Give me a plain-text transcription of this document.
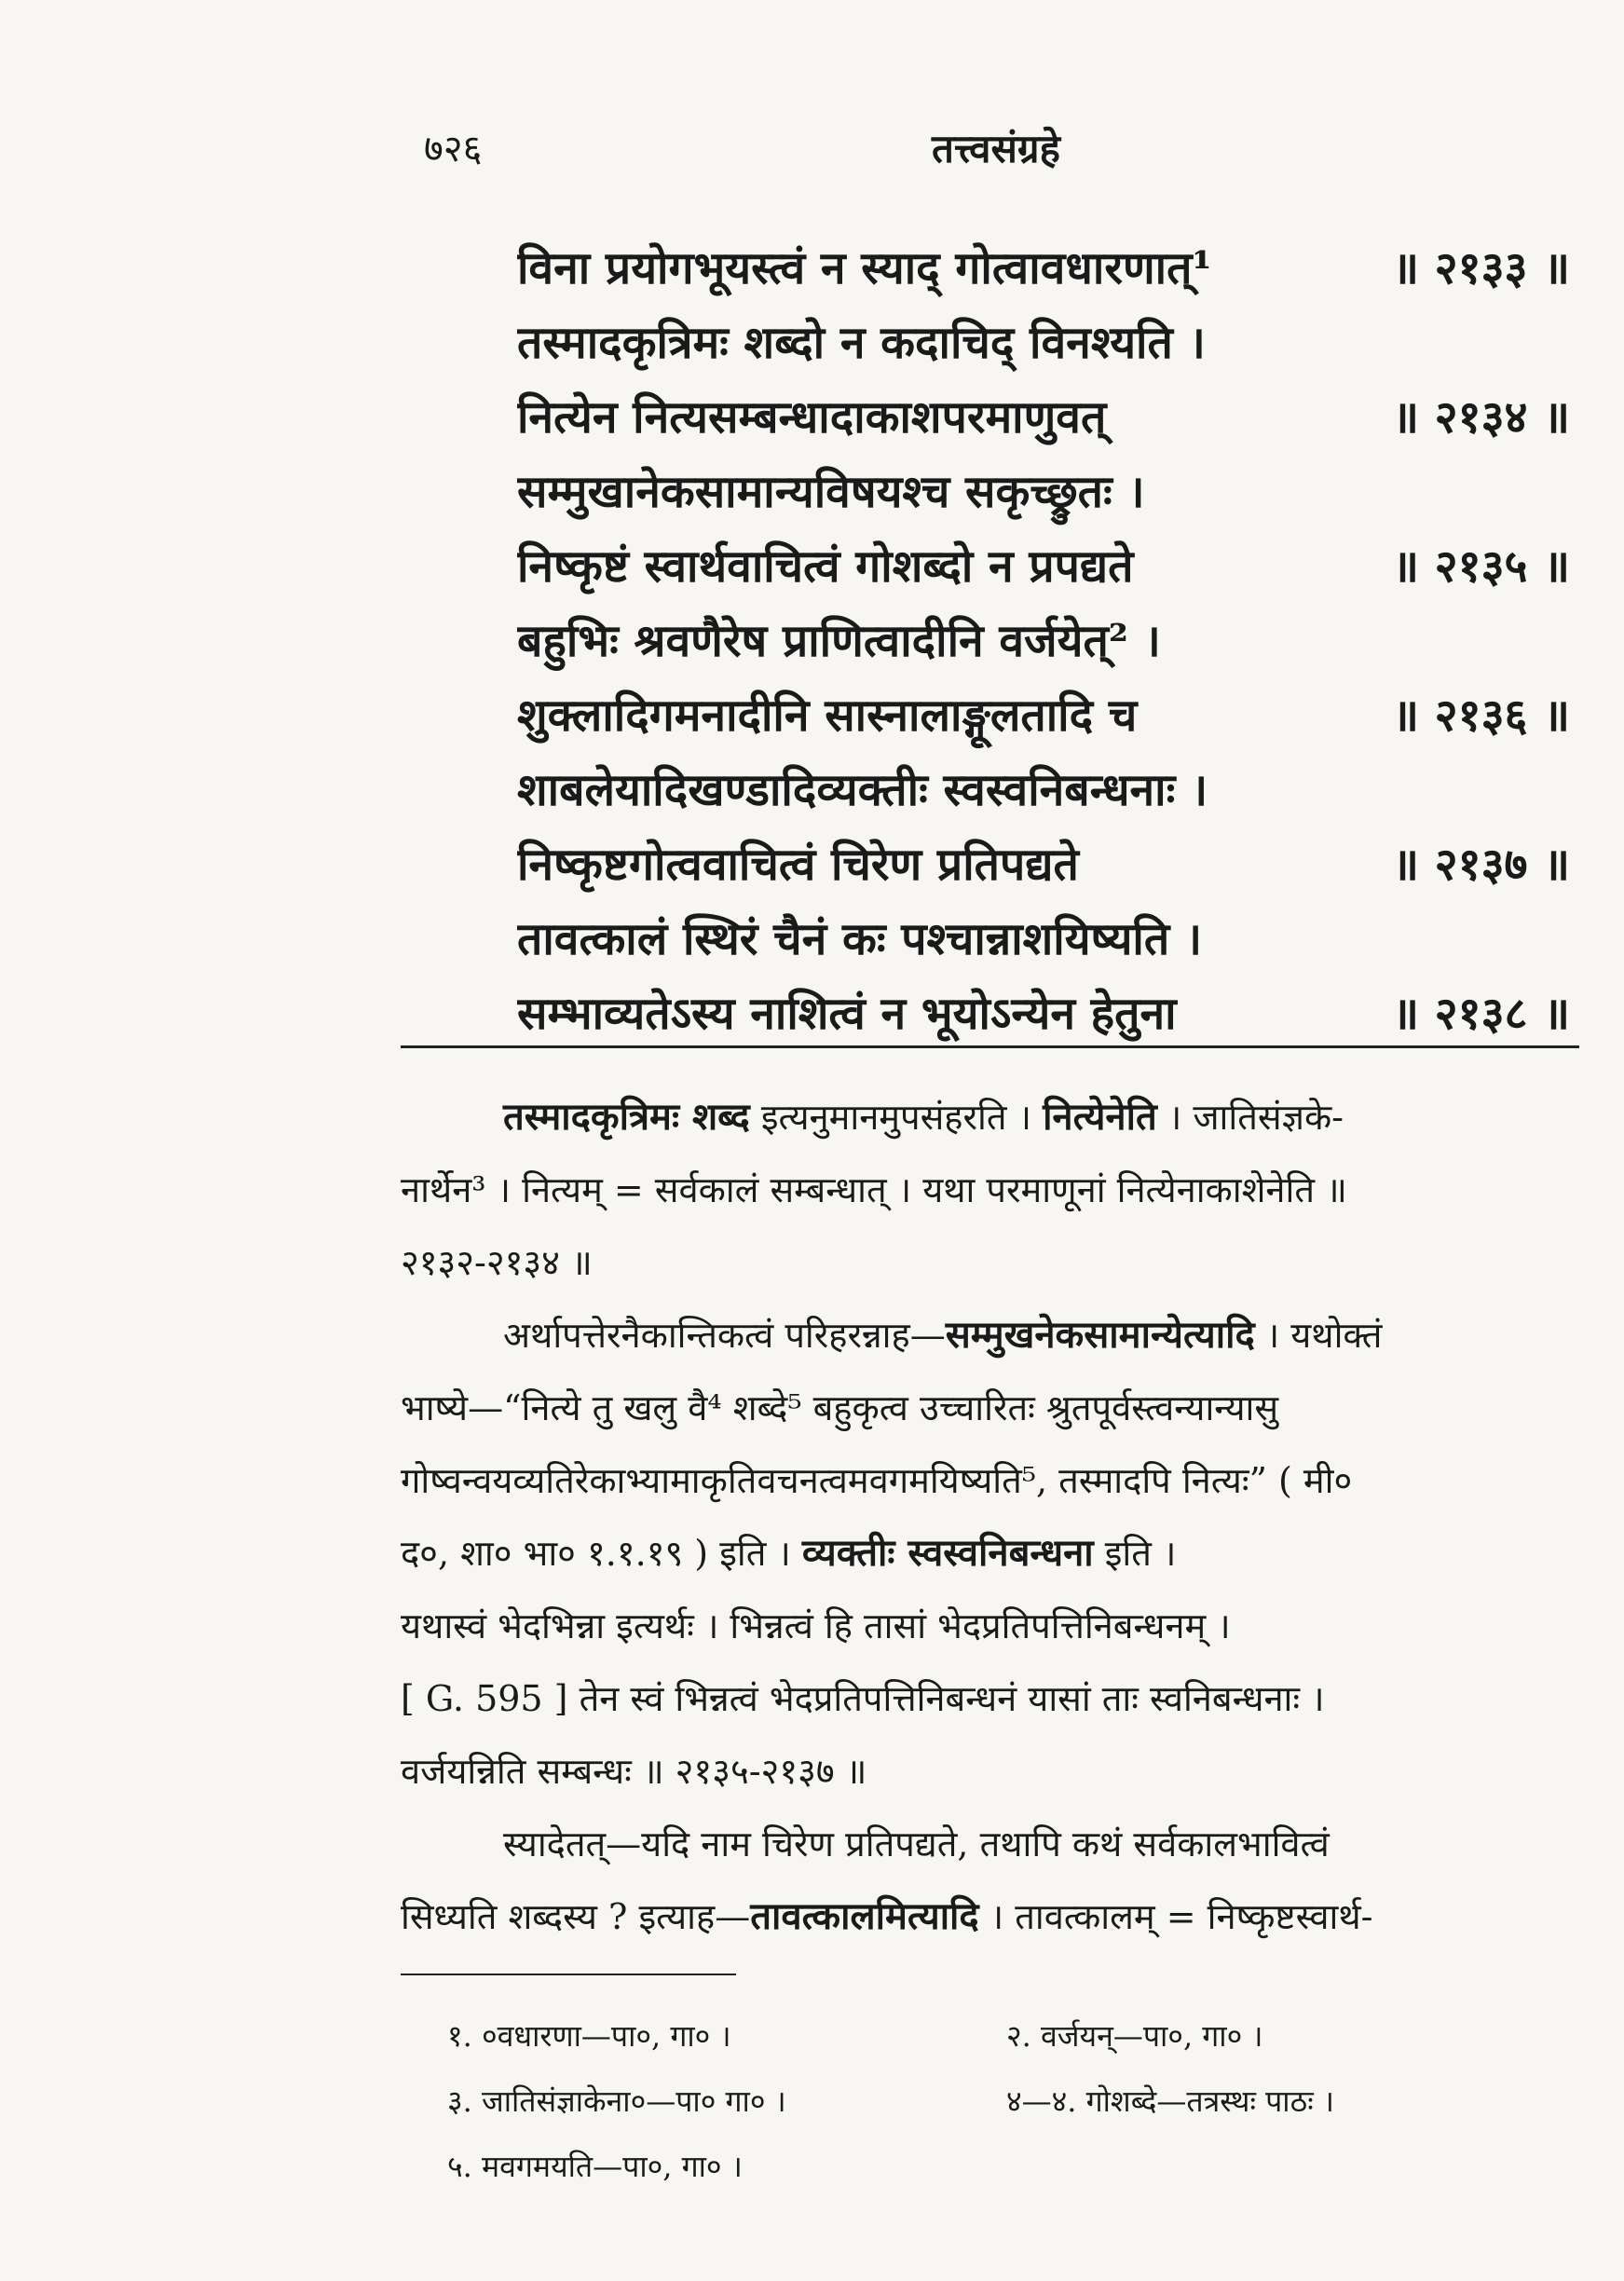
७२६	तत्त्वसंग्रहे
विना प्रयोगभूयस्त्वं न स्याद् गोत्वावधारणात्¹	॥ २१३३ ॥
तस्मादकृत्रिमः शब्दो न कदाचिद् विनश्यति ।
नित्येन नित्यसम्बन्धादाकाशपरमाणुवत्	॥ २१३४ ॥
सम्मुखानेकसामान्यविषयश्च सकृच्छ्रुतः ।
निष्कृष्टं स्वार्थवाचित्वं गोशब्दो न प्रपद्यते	॥ २१३५ ॥
बहुभिः श्रवणैरेष प्राणित्वादीनि वर्जयेत्² ।
शुक्लादिगमनादीनि सास्नालाङ्गूलतादि च	॥ २१३६ ॥
शाबलेयादिखण्डादिव्यक्तीः स्वस्वनिबन्धनाः ।
निष्कृष्टगोत्ववाचित्वं चिरेण प्रतिपद्यते	॥ २१३७ ॥
तावत्कालं स्थिरं चैनं कः पश्चान्नाशयिष्यति ।
सम्भाव्यतेऽस्य नाशित्वं न भूयोऽन्येन हेतुना	॥ २१३८ ॥
तस्मादकृत्रिमः शब्द इत्यनुमानमुपसंहरति । नित्येनेति । जातिसंज्ञके-
नार्थेन³ । नित्यम् = सर्वकालं सम्बन्धात् । यथा परमाणूनां नित्येनाकाशेनेति ॥
२१३२-२१३४ ॥
अर्थापत्तेरनैकान्तिकत्वं परिहरन्नाह—सम्मुखनेकसामान्येत्यादि । यथोक्तं
भाष्ये—“नित्ये तु खलु वै⁴ शब्दे⁵ बहुकृत्व उच्चारितः श्रुतपूर्वस्त्वन्यान्यासु
गोष्वन्वयव्यतिरेकाभ्यामाकृतिवचनत्वमवगमयिष्यति⁵, तस्मादपि नित्यः” ( मी०
द०, शा० भा० १.१.१९ ) इति । व्यक्तीः स्वस्वनिबन्धना इति ।
यथास्वं भेदभिन्ना इत्यर्थः । भिन्नत्वं हि तासां भेदप्रतिपत्तिनिबन्धनम् ।
[ G. 595 ] तेन स्वं भिन्नत्वं भेदप्रतिपत्तिनिबन्धनं यासां ताः स्वनिबन्धनाः ।
वर्जयन्निति सम्बन्धः ॥ २१३५-२१३७ ॥
स्यादेतत्—यदि नाम चिरेण प्रतिपद्यते, तथापि कथं सर्वकालभावित्वं
सिध्यति शब्दस्य ? इत्याह—तावत्कालमित्यादि । तावत्कालम् = निष्कृष्टस्वार्थ-
१. ०वधारणा—पा०, गा० ।	२. वर्जयन्—पा०, गा० ।
३. जातिसंज्ञाकेना०—पा० गा० ।	४—४. गोशब्दे—तत्रस्थः पाठः ।
५. मवगमयति—पा०, गा० ।
